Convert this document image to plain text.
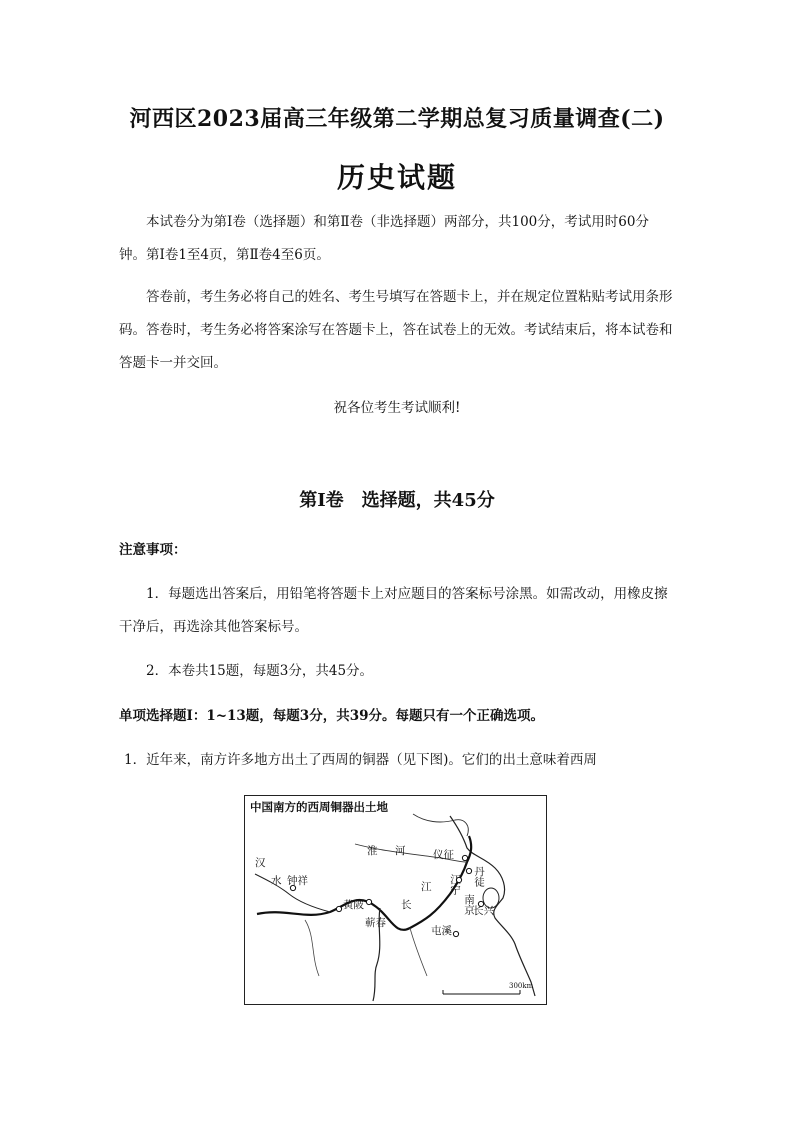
河西区2023届高三年级第二学期总复习质量调查(二)
历史试题
本试卷分为第Ⅰ卷（选择题）和第Ⅱ卷（非选择题）两部分，共100分，考试用时60分钟。第Ⅰ卷1至4页，第Ⅱ卷4至6页。
答卷前，考生务必将自己的姓名、考生号填写在答题卡上，并在规定位置粘贴考试用条形码。答卷时，考生务必将答案涂写在答题卡上，答在试卷上的无效。考试结束后，将本试卷和答题卡一并交回。
祝各位考生考试顺利!
第Ⅰ卷　选择题，共45分
注意事项：
1．每题选出答案后，用铅笔将答题卡上对应题目的答案标号涂黑。如需改动，用橡皮擦干净后，再选涂其他答案标号。
2．本卷共15题，每题3分，共45分。
单项选择题Ⅰ：1~13题，每题3分，共39分。每题只有一个正确选项。
1．近年来，南方许多地方出土了西周的铜器（见下图)。它们的出土意味着西周
中国南方的西周铜器出土地
汉
水 钟祥
黄陂
蕲春
淮 河	仪征
江
长
江宁
南京
丹徒
长兴
屯溪
300km
